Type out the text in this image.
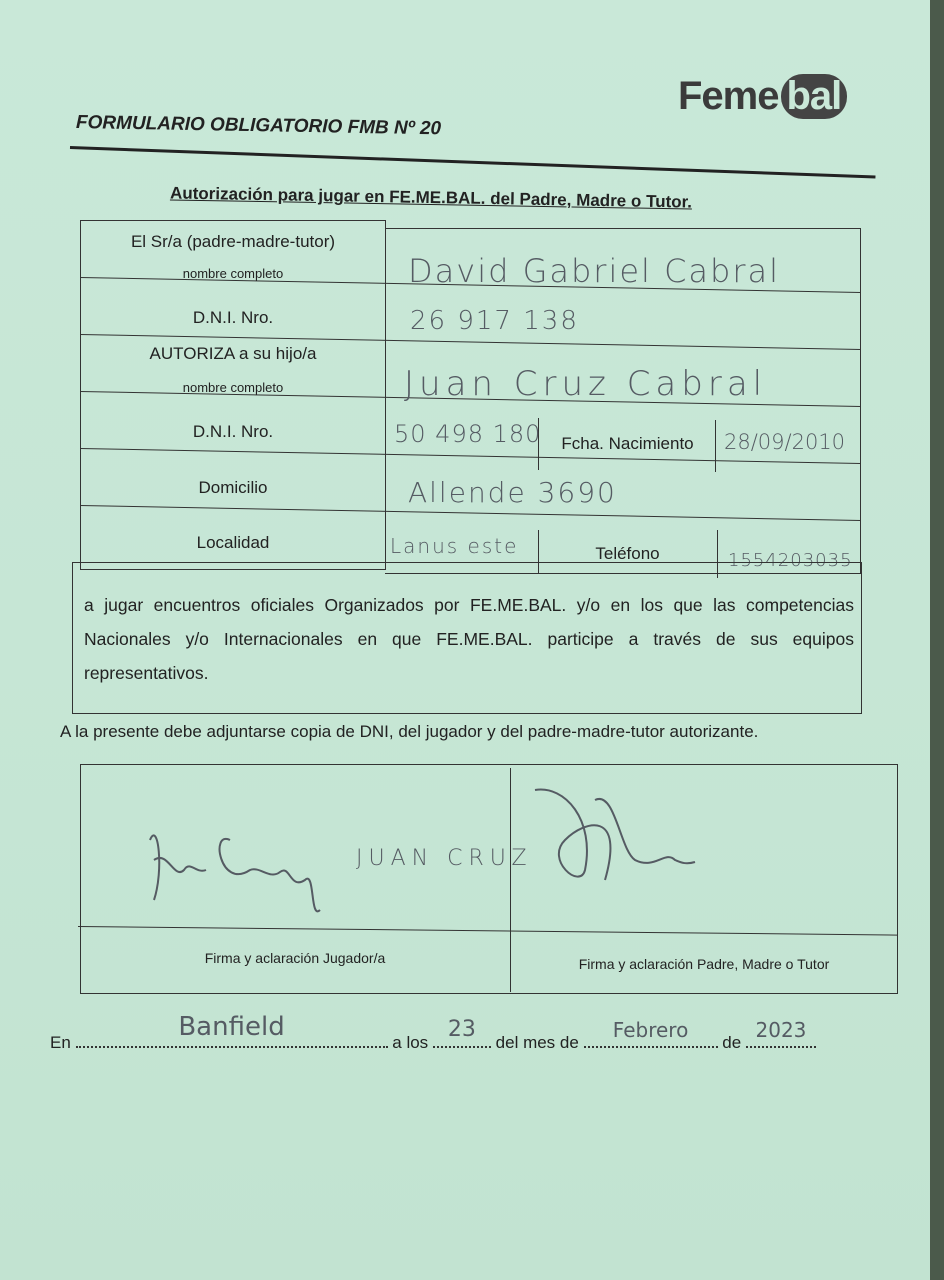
Feme bal
FORMULARIO OBLIGATORIO FMB Nº 20
Autorización para jugar en FE.ME.BAL. del Padre, Madre o Tutor.
El Sr/a (padre-madre-tutor)
nombre completo
D.N.I. Nro.
AUTORIZA a su hijo/a
nombre completo
D.N.I. Nro.
Domicilio
Localidad
Fcha. Nacimiento
Teléfono
David Gabriel Cabral
26 917 138
Juan Cruz Cabral
50 498 180	28/09/2010
Allende 3690
Lanus este
1554203035
a jugar encuentros oficiales Organizados por FE.ME.BAL. y/o en los que las competencias Nacionales y/o Internacionales en que FE.ME.BAL. participe a través de sus equipos representativos.
A la presente debe adjuntarse copia de DNI, del jugador y del padre-madre-tutor autorizante.
JUAN CRUZ
Firma y aclaración Jugador/a	Firma y aclaración Padre, Madre o Tutor
En
Banfield
a los
23
del mes de
Febrero
de
2023
